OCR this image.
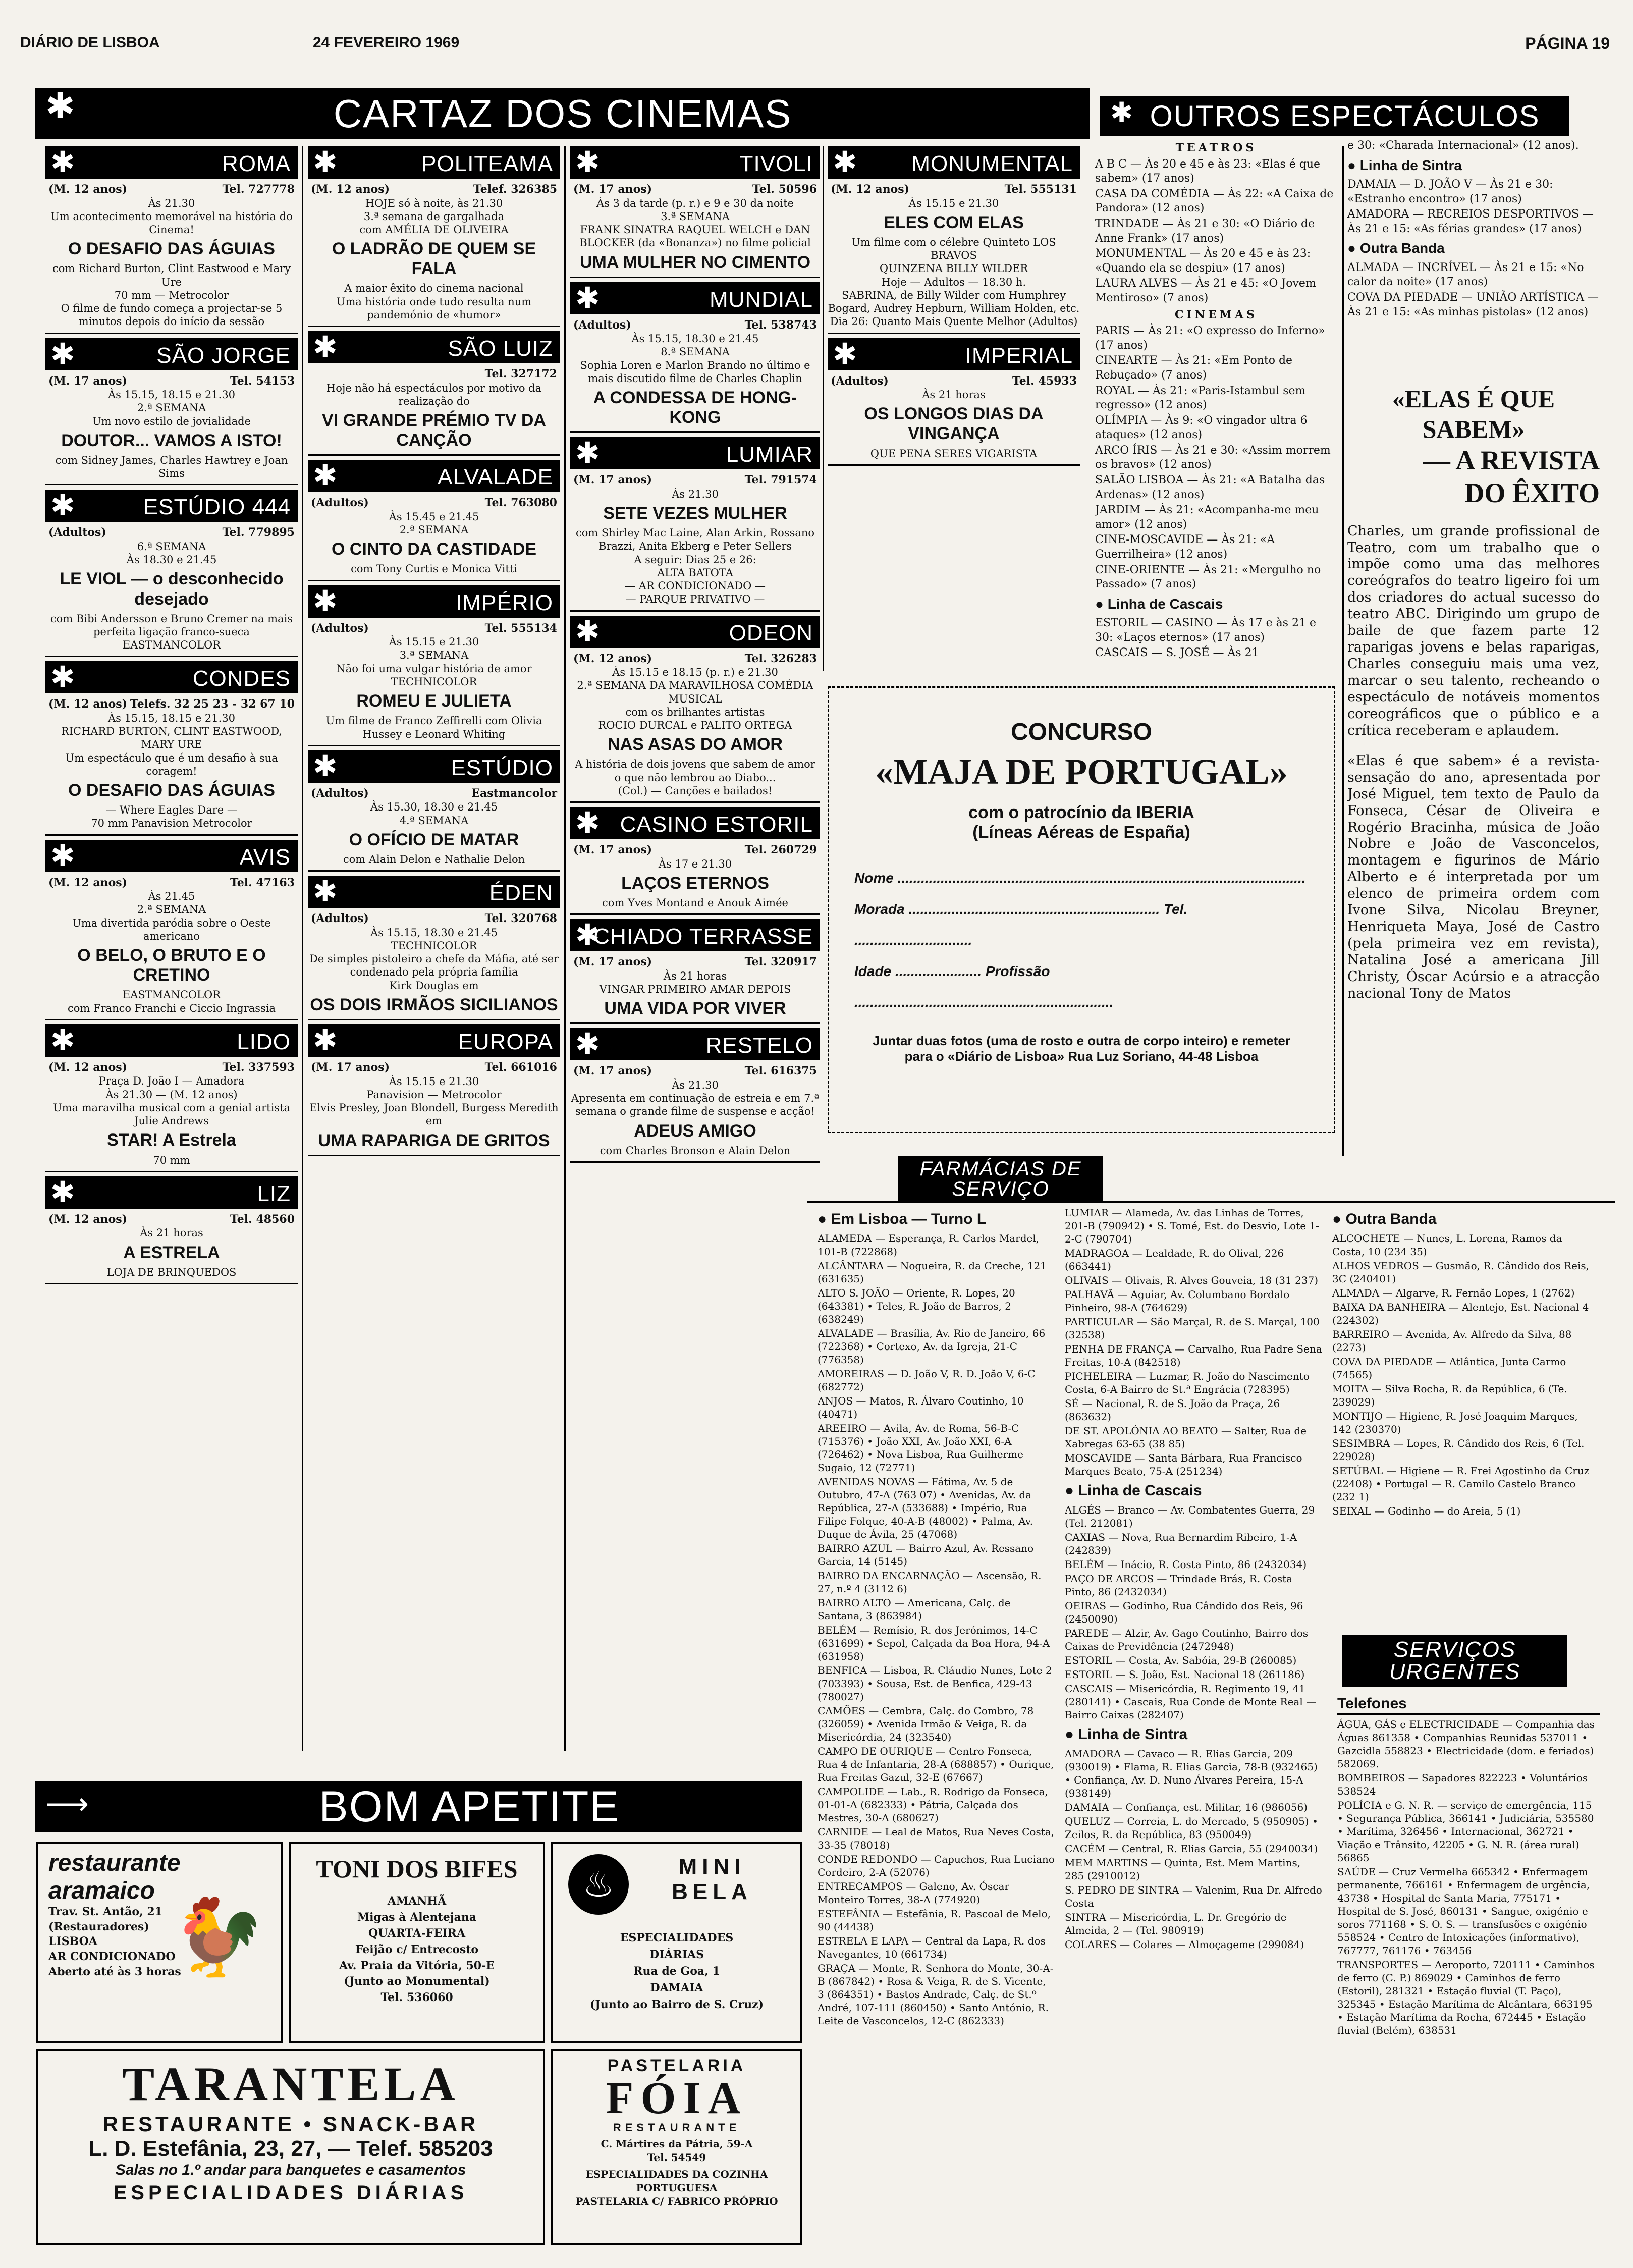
DIÁRIO DE LISBOA	24 FEVEREIRO 1969	PÁGINA 19
✱	CARTAZ DOS CINEMAS	✱ OUTROS ESPECTÁCULOS
✱	ROMA
(M. 12 anos)	Tel. 727778
Às 21.30
Um acontecimento memorável na história do Cinema!
O DESAFIO DAS ÁGUIAS
com Richard Burton, Clint Eastwood e Mary Ure
70 mm — Metrocolor
O filme de fundo começa a projectar-se 5 minutos depois do início da sessão
✱	SÃO JORGE
(M. 17 anos)	Tel. 54153
Às 15.15, 18.15 e 21.30
2.ª SEMANA
Um novo estilo de jovialidade
DOUTOR... VAMOS A ISTO!
com Sidney James, Charles Hawtrey e Joan Sims
✱	ESTÚDIO 444
(Adultos)	Tel. 779895
6.ª SEMANA
Às 18.30 e 21.45
LE VIOL — o desconhecido desejado
com Bibi Andersson e Bruno Cremer na mais perfeita ligação franco-sueca
EASTMANCOLOR
✱	CONDES
(M. 12 anos) Telefs. 32 25 23 - 32 67 10
Às 15.15, 18.15 e 21.30
RICHARD BURTON, CLINT EASTWOOD, MARY URE
Um espectáculo que é um desafio à sua coragem!
O DESAFIO DAS ÁGUIAS
— Where Eagles Dare —
70 mm Panavision Metrocolor
✱	AVIS
(M. 12 anos)	Tel. 47163
Às 21.45
2.ª SEMANA
Uma divertida paródia sobre o Oeste americano
O BELO, O BRUTO E O CRETINO
EASTMANCOLOR
com Franco Franchi e Ciccio Ingrassia
✱	LIDO
(M. 12 anos)	Tel. 337593
Praça D. João I — Amadora
Às 21.30 — (M. 12 anos)
Uma maravilha musical com a genial artista Julie Andrews
STAR! A Estrela
70 mm
✱	LIZ
(M. 12 anos)	Tel. 48560
Às 21 horas
A ESTRELA
LOJA DE BRINQUEDOS
✱	POLITEAMA
(M. 12 anos)	Telef. 326385
HOJE só à noite, às 21.30
3.ª semana de gargalhada
com AMÉLIA DE OLIVEIRA
O LADRÃO DE QUEM SE FALA
A maior êxito do cinema nacional
Uma história onde tudo resulta num pandemónio de «humor»
✱	SÃO LUIZ
Tel. 327172
Hoje não há espectáculos por motivo da realização do
VI GRANDE PRÉMIO TV DA CANÇÃO
✱	ALVALADE
(Adultos)	Tel. 763080
Às 15.45 e 21.45
2.ª SEMANA
O CINTO DA CASTIDADE
com Tony Curtis e Monica Vitti
✱	IMPÉRIO
(Adultos)	Tel. 555134
Às 15.15 e 21.30
3.ª SEMANA
Não foi uma vulgar história de amor
TECHNICOLOR
ROMEU E JULIETA
Um filme de Franco Zeffirelli com Olivia Hussey e Leonard Whiting
✱	ESTÚDIO
(Adultos)	Eastmancolor
Às 15.30, 18.30 e 21.45
4.ª SEMANA
O OFÍCIO DE MATAR
com Alain Delon e Nathalie Delon
✱	ÉDEN
(Adultos)	Tel. 320768
Às 15.15, 18.30 e 21.45
TECHNICOLOR
De simples pistoleiro a chefe da Máfia, até ser condenado pela própria família
Kirk Douglas em
OS DOIS IRMÃOS SICILIANOS
✱	EUROPA
(M. 17 anos)	Tel. 661016
Às 15.15 e 21.30
Panavision — Metrocolor
Elvis Presley, Joan Blondell, Burgess Meredith em
UMA RAPARIGA DE GRITOS
✱	TIVOLI
(M. 17 anos)	Tel. 50596
Às 3 da tarde (p. r.) e 9 e 30 da noite
3.ª SEMANA
FRANK SINATRA RAQUEL WELCH e DAN BLOCKER (da «Bonanza») no filme policial
UMA MULHER NO CIMENTO
✱	MUNDIAL
(Adultos)	Tel. 538743
Às 15.15, 18.30 e 21.45
8.ª SEMANA
Sophia Loren e Marlon Brando no último e mais discutido filme de Charles Chaplin
A CONDESSA DE HONG-KONG
✱	LUMIAR
(M. 17 anos)	Tel. 791574
Às 21.30
SETE VEZES MULHER
com Shirley Mac Laine, Alan Arkin, Rossano Brazzi, Anita Ekberg e Peter Sellers
A seguir: Dias 25 e 26:
ALTA BATOTA
— AR CONDICIONADO —
— PARQUE PRIVATIVO —
✱	ODEON
(M. 12 anos)	Tel. 326283
Às 15.15 e 18.15 (p. r.) e 21.30
2.ª SEMANA DA MARAVILHOSA COMÉDIA MUSICAL
com os brilhantes artistas
ROCIO DURCAL e PALITO ORTEGA
NAS ASAS DO AMOR
A história de dois jovens que sabem de amor o que não lembrou ao Diabo...
(Col.) — Canções e bailados!
✱ CASINO ESTORIL
(M. 17 anos)	Tel. 260729
Às 17 e 21.30
LAÇOS ETERNOS
com Yves Montand e Anouk Aimée
✱
CHIADO TERRASSE
(M. 17 anos)	Tel. 320917
Às 21 horas
VINGAR PRIMEIRO AMAR DEPOIS
UMA VIDA POR VIVER
✱	RESTELO
(M. 17 anos)	Tel. 616375
Às 21.30
Apresenta em continuação de estreia e em 7.ª semana o grande filme de suspense e acção!
ADEUS AMIGO
com Charles Bronson e Alain Delon
✱ MONUMENTAL
(M. 12 anos)	Tel. 555131
Às 15.15 e 21.30
ELES COM ELAS
Um filme com o célebre Quinteto LOS BRAVOS
QUINZENA BILLY WILDER
Hoje — Adultos — 18.30 h.
SABRINA, de Billy Wilder com Humphrey Bogard, Audrey Hepburn, William Holden, etc.
Dia 26: Quanto Mais Quente Melhor (Adultos)
✱	IMPERIAL
(Adultos)	Tel. 45933
Às 21 horas
OS LONGOS DIAS DA VINGANÇA
QUE PENA SERES VIGARISTA
TEATROS

A B C — Às 20 e 45 e às 23: «Elas é que sabem» (17 anos)

CASA DA COMÉDIA — Às 22: «A Caixa de Pandora» (12 anos)

TRINDADE — Às 21 e 30: «O Diário de Anne Frank» (17 anos)

MONUMENTAL — Às 20 e 45 e às 23: «Quando ela se despiu» (17 anos)

LAURA ALVES — Às 21 e 45: «O Jovem Mentiroso» (7 anos)

CINEMAS

PARIS — Às 21: «O expresso do Inferno» (17 anos)

CINEARTE — Às 21: «Em Ponto de Rebuçado» (7 anos)

ROYAL — Às 21: «Paris-Istambul sem regresso» (12 anos)

OLÍMPIA — Às 9: «O vingador ultra 6 ataques» (12 anos)

ARCO ÍRIS — Às 21 e 30: «Assim morrem os bravos» (12 anos)

SALÃO LISBOA — Às 21: «A Batalha das Ardenas» (12 anos)

JARDIM — Às 21: «Acompanha-me meu amor» (12 anos)

CINE-MOSCAVIDE — Às 21: «A Guerrilheira» (12 anos)

CINE-ORIENTE — Às 21: «Mergulho no Passado» (7 anos)

● Linha de Cascais

ESTORIL — CASINO — Às 17 e às 21 e 30: «Laços eternos» (17 anos)

CASCAIS — S. JOSÉ — Às 21

e 30: «Charada Internacional» (12 anos).

● Linha de Sintra

DAMAIA — D. JOÃO V — Às 21 e 30: «Estranho encontro» (17 anos)

AMADORA — RECREIOS DESPORTIVOS — Às 21 e 15: «As férias grandes» (17 anos)

● Outra Banda

ALMADA — INCRÍVEL — Às 21 e 15: «No calor da noite» (17 anos)

COVA DA PIEDADE — UNIÃO ARTÍSTICA — Às 21 e 15: «As minhas pistolas» (12 anos)

«ELAS É QUE SABEM»
— A REVISTA
DO ÊXITO

Charles, um grande profissional de Teatro, com um trabalho que o impõe como uma das melhores coreógrafos do teatro ligeiro foi um dos criadores do actual sucesso do teatro ABC. Dirigindo um grupo de baile de que fazem parte 12 raparigas jovens e belas raparigas, Charles conseguiu mais uma vez, marcar o seu talento, recheando o espectáculo de notáveis momentos coreográficos que o público e a crítica receberam e aplaudem.

«Elas é que sabem» é a revista-sensação do ano, apresentada por José Miguel, tem texto de Paulo da Fonseca, César de Oliveira e Rogério Bracinha, música de João Nobre e João de Vasconcelos, montagem e figurinos de Mário Alberto e é interpretada por um elenco de primeira ordem com Ivone Silva, Nicolau Breyner, Henriqueta Maya, José de Castro (pela primeira vez em revista), Natalina José a americana Jill Christy, Óscar Acúrsio e a atracção nacional Tony de Matos

CONCURSO
«MAJA DE PORTUGAL»
com o patrocínio da IBERIA
(Líneas Aéreas de España)
Nome ........................................................................................................
Morada ................................................................ Tel. ..............................
Idade ...................... Profissão ..................................................................
Juntar duas fotos (uma de rosto e outra de corpo inteiro) e remeter para o «Diário de Lisboa» Rua Luz Soriano, 44-48 Lisboa
FARMÁCIAS DE SERVIÇO
● Em Lisboa — Turno L

ALAMEDA — Esperança, R. Carlos Mardel, 101-B (722868)

ALCÂNTARA — Nogueira, R. da Creche, 121 (631635)

ALTO S. JOÃO — Oriente, R. Lopes, 20 (643381) • Teles, R. João de Barros, 2 (638249)

ALVALADE — Brasília, Av. Rio de Janeiro, 66 (722368) • Cortexo, Av. da Igreja, 21-C (776358)

AMOREIRAS — D. João V, R. D. João V, 6-C (682772)

ANJOS — Matos, R. Álvaro Coutinho, 10 (40471)

AREEIRO — Avila, Av. de Roma, 56-B-C (715376) • João XXI, Av. João XXI, 6-A (726462) • Nova Lisboa, Rua Guilherme Sugaio, 12 (72771)

AVENIDAS NOVAS — Fátima, Av. 5 de Outubro, 47-A (763 07) • Avenidas, Av. da República, 27-A (533688) • Império, Rua Filipe Folque, 40-A-B (48002) • Palma, Av. Duque de Ávila, 25 (47068)

BAIRRO AZUL — Bairro Azul, Av. Ressano Garcia, 14 (5145)

BAIRRO DA ENCARNAÇÃO — Ascensão, R. 27, n.º 4 (3112 6)

BAIRRO ALTO — Americana, Calç. de Santana, 3 (863984)

BELÉM — Remísio, R. dos Jerónimos, 14-C (631699) • Sepol, Calçada da Boa Hora, 94-A (631958)

BENFICA — Lisboa, R. Cláudio Nunes, Lote 2 (703393) • Sousa, Est. de Benfica, 429-43 (780027)

CAMÕES — Cembra, Calç. do Combro, 78 (326059) • Avenida Irmão & Veiga, R. da Misericórdia, 24 (323540)

CAMPO DE OURIQUE — Centro Fonseca, Rua 4 de Infantaria, 28-A (688857) • Ourique, Rua Freitas Gazul, 32-E (67667)

CAMPOLIDE — Lab., R. Rodrigo da Fonseca, 01-01-A (682333) • Pátria, Calçada dos Mestres, 30-A (680627)

CARNIDE — Leal de Matos, Rua Neves Costa, 33-35 (78018)

CONDE REDONDO — Capuchos, Rua Luciano Cordeiro, 2-A (52076)

ENTRECAMPOS — Galeno, Av. Óscar Monteiro Torres, 38-A (774920)

ESTEFÂNIA — Estefânia, R. Pascoal de Melo, 90 (44438)

ESTRELA E LAPA — Central da Lapa, R. dos Navegantes, 10 (661734)

GRAÇA — Monte, R. Senhora do Monte, 30-A-B (867842) • Rosa & Veiga, R. de S. Vicente, 3 (864351) • Bastos Andrade, Calç. de St.º André, 107-111 (860450) • Santo António, R. Leite de Vasconcelos, 12-C (862333)

LUMIAR — Alameda, Av. das Linhas de Torres, 201-B (790942) • S. Tomé, Est. do Desvio, Lote 1-2-C (790704)

MADRAGOA — Lealdade, R. do Olival, 226 (663441)

OLIVAIS — Olivais, R. Alves Gouveia, 18 (31 237)

PALHAVÃ — Aguiar, Av. Columbano Bordalo Pinheiro, 98-A (764629)

PARTICULAR — São Marçal, R. de S. Marçal, 100 (32538)

PENHA DE FRANÇA — Carvalho, Rua Padre Sena Freitas, 10-A (842518)

PICHELEIRA — Luzmar, R. João do Nascimento Costa, 6-A Bairro de St.ª Engrácia (728395)

SÉ — Nacional, R. de S. João da Praça, 26 (863632)

DE ST. APOLÓNIA AO BEATO — Salter, Rua de Xabregas 63-65 (38 85)

MOSCAVIDE — Santa Bárbara, Rua Francisco Marques Beato, 75-A (251234)

● Linha de Cascais

ALGÉS — Branco — Av. Combatentes Guerra, 29 (Tel. 212081)

CAXIAS — Nova, Rua Bernardim Ribeiro, 1-A (242839)

BELÉM — Inácio, R. Costa Pinto, 86 (2432034)

PAÇO DE ARCOS — Trindade Brás, R. Costa Pinto, 86 (2432034)

OEIRAS — Godinho, Rua Cândido dos Reis, 96 (2450090)

PAREDE — Alzir, Av. Gago Coutinho, Bairro dos Caixas de Previdência (2472948)

ESTORIL — Costa, Av. Sabóia, 29-B (260085)

ESTORIL — S. João, Est. Nacional 18 (261186)

CASCAIS — Misericórdia, R. Regimento 19, 41 (280141) • Cascais, Rua Conde de Monte Real — Bairro Caixas (282407)

● Linha de Sintra

AMADORA — Cavaco — R. Elias Garcia, 209 (930019) • Flama, R. Elias Garcia, 78-B (932465) • Confiança, Av. D. Nuno Álvares Pereira, 15-A (938149)

DAMAIA — Confiança, est. Militar, 16 (986056)

QUELUZ — Correia, L. do Mercado, 5 (950905) • Zeilos, R. da República, 83 (950049)

CACÉM — Central, R. Elias Garcia, 55 (2940034)

MEM MARTINS — Quinta, Est. Mem Martins, 285 (2910012)

S. PEDRO DE SINTRA — Valenim, Rua Dr. Alfredo Costa

SINTRA — Misericórdia, L. Dr. Gregório de Almeida, 2 — (Tel. 980919)

COLARES — Colares — Almoçageme (299084)

● Outra Banda

ALCOCHETE — Nunes, L. Lorena, Ramos da Costa, 10 (234 35)

ALHOS VEDROS — Gusmão, R. Cândido dos Reis, 3C (240401)

ALMADA — Algarve, R. Fernão Lopes, 1 (2762)

BAIXA DA BANHEIRA — Alentejo, Est. Nacional 4 (224302)

BARREIRO — Avenida, Av. Alfredo da Silva, 88 (2273)

COVA DA PIEDADE — Atlântica, Junta Carmo (74565)

MOITA — Silva Rocha, R. da República, 6 (Te. 239029)

MONTIJO — Higiene, R. José Joaquim Marques, 142 (230370)

SESIMBRA — Lopes, R. Cândido dos Reis, 6 (Tel. 229028)

SETÚBAL — Higiene — R. Frei Agostinho da Cruz (22408) • Portugal — R. Camilo Castelo Branco (232 1)

SEIXAL — Godinho — do Areia, 5 (1)

SERVIÇOS URGENTES
Telefones

ÁGUA, GÁS e ELECTRICIDADE — Companhia das Águas 861358 • Companhias Reunidas 537011 • Gazcidla 558823 • Electricidade (dom. e feriados) 582069.

BOMBEIROS — Sapadores 822223 • Voluntários 538524

POLÍCIA e G. N. R. — serviço de emergência, 115 • Segurança Pública, 366141 • Judiciária, 535580 • Marítima, 326456 • Internacional, 362721 • Viação e Trânsito, 42205 • G. N. R. (área rural) 56865

SAÚDE — Cruz Vermelha 665342 • Enfermagem permanente, 766161 • Enfermagem de urgência, 43738 • Hospital de Santa Maria, 775171 • Hospital de S. José, 860131 • Sangue, oxigénio e soros 771168 • S. O. S. — transfusões e oxigénio 558524 • Centro de Intoxicações (informativo), 767777, 761176 • 763456

TRANSPORTES — Aeroporto, 720111 • Caminhos de ferro (C. P.) 869029 • Caminhos de ferro (Estoril), 281321 • Estação fluvial (T. Paço), 325345 • Estação Marítima de Alcântara, 663195 • Estação Marítima da Rocha, 672445 • Estação fluvial (Belém), 638531

⟶	BOM APETITE
restaurante
aramaico
Trav. St. Antão, 21
(Restauradores)
LISBOA
AR CONDICIONADO
Aberto até às 3 horas
🐓
TONI DOS BIFES
AMANHÃ
Migas à Alentejana
QUARTA-FEIRA
Feijão c/ Entrecosto
Av. Praia da Vitória, 50-E
(Junto ao Monumental)
Tel. 536060
♨	MINI
BELA
ESPECIALIDADES
DIÁRIAS
Rua de Goa, 1
DAMAIA
(Junto ao Bairro de S. Cruz)
TARANTELA
RESTAURANTE • SNACK-BAR
L. D. Estefânia, 23, 27, — Telef. 585203
Salas no 1.º andar para banquetes e casamentos
ESPECIALIDADES DIÁRIAS
PASTELARIA
FÓIA
RESTAURANTE
C. Mártires da Pátria, 59-A
Tel. 54549
ESPECIALIDADES DA COZINHA PORTUGUESA
PASTELARIA C/ FABRICO PRÓPRIO
